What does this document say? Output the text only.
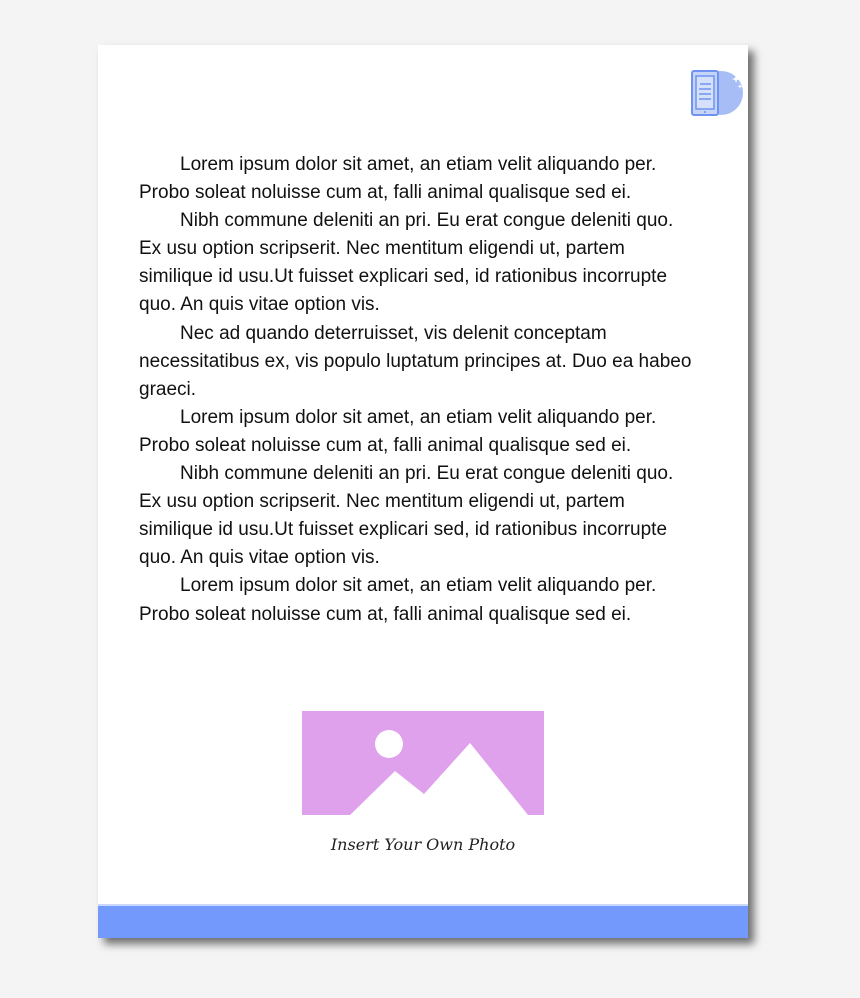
Lorem ipsum dolor sit amet, an etiam velit aliquando per. Probo soleat noluisse cum at, falli animal qualisque sed ei.

Nibh commune deleniti an pri. Eu erat congue deleniti quo. Ex usu option scripserit. Nec mentitum eligendi ut, partem similique id usu.Ut fuisset explicari sed, id rationibus incorrupte quo. An quis vitae option vis.

Nec ad quando deterruisset, vis delenit conceptam necessitatibus ex, vis populo luptatum principes at. Duo ea habeo graeci.

Lorem ipsum dolor sit amet, an etiam velit aliquando per. Probo soleat noluisse cum at, falli animal qualisque sed ei.

Nibh commune deleniti an pri. Eu erat congue deleniti quo. Ex usu option scripserit. Nec mentitum eligendi ut, partem similique id usu.Ut fuisset explicari sed, id rationibus incorrupte quo. An quis vitae option vis.

Lorem ipsum dolor sit amet, an etiam velit aliquando per. Probo soleat noluisse cum at, falli animal qualisque sed ei.

Insert Your Own Photo
